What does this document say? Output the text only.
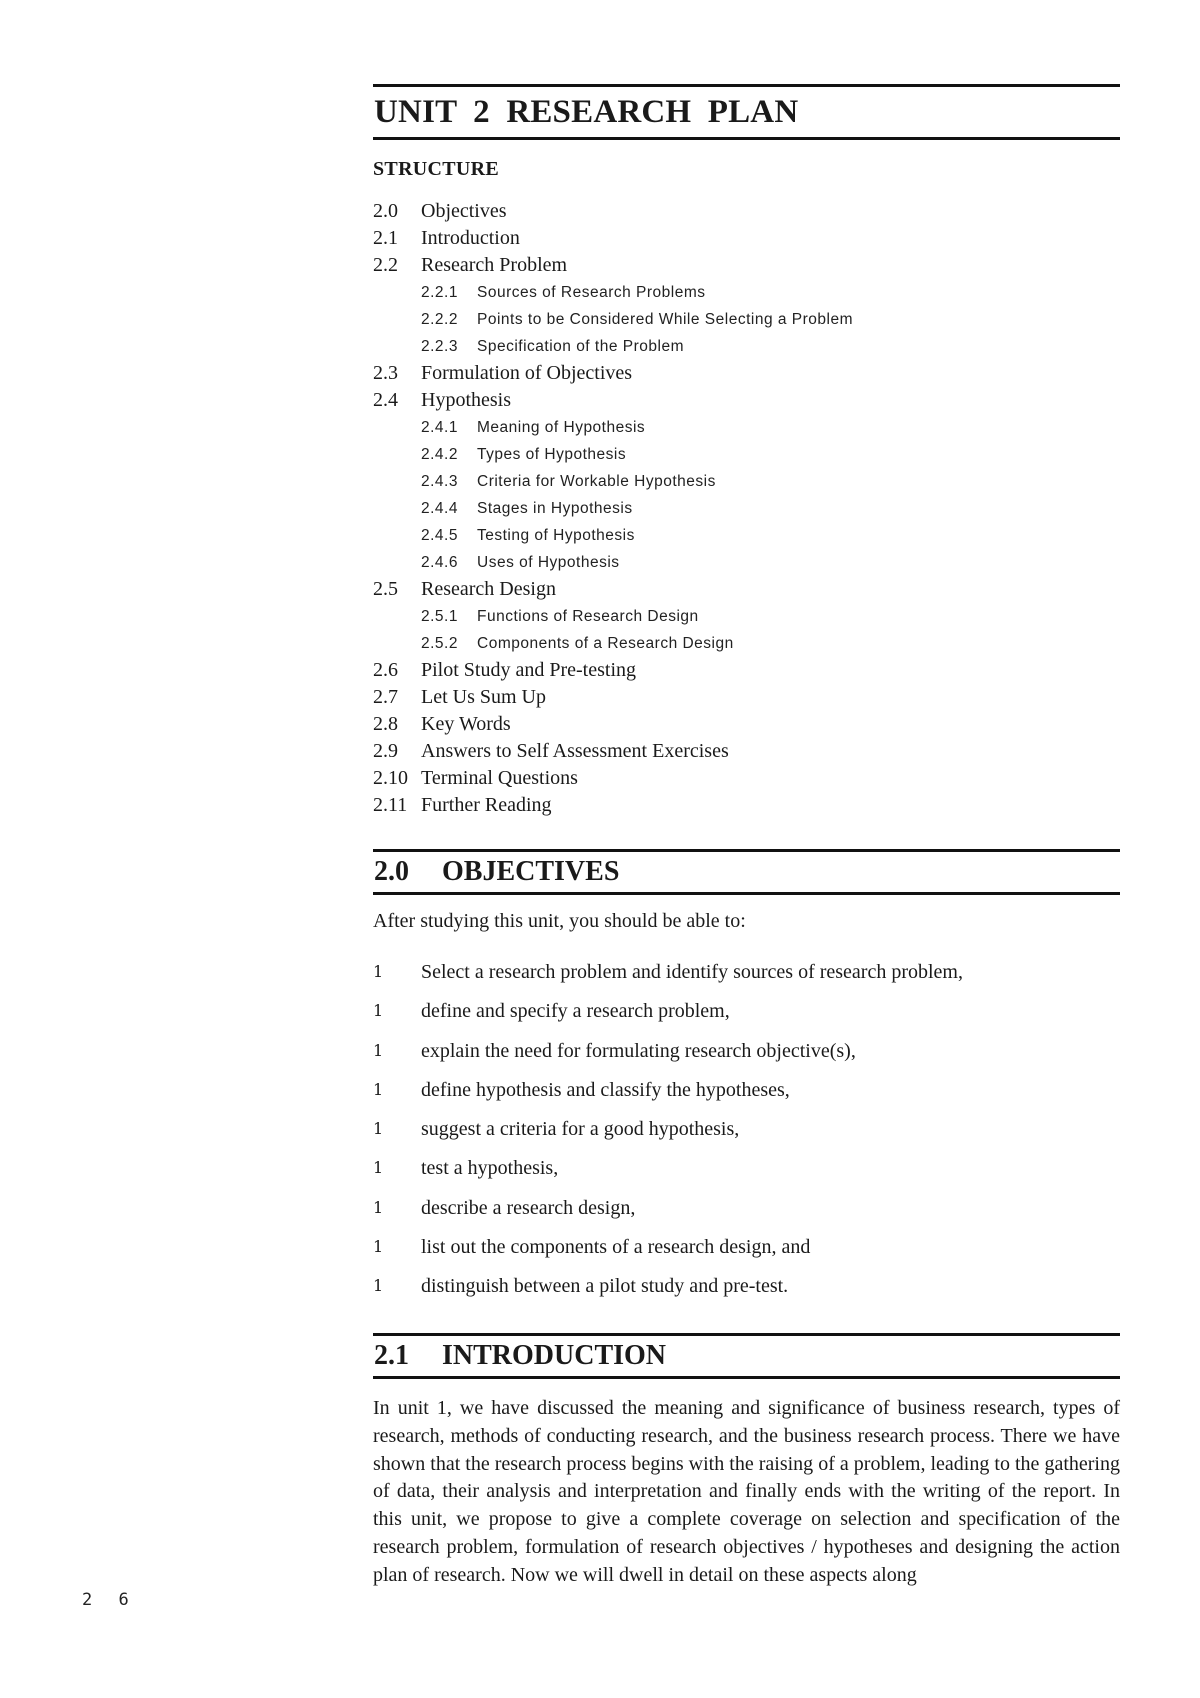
2 6
UNIT 2 RESEARCH PLAN
STRUCTURE
2.0 Objectives
2.1 Introduction
2.2 Research Problem
2.2.1 Sources of Research Problems
2.2.2 Points to be Considered While Selecting a Problem
2.2.3 Specification of the Problem
2.3 Formulation of Objectives
2.4 Hypothesis
2.4.1 Meaning of Hypothesis
2.4.2 Types of Hypothesis
2.4.3 Criteria for Workable Hypothesis
2.4.4 Stages in Hypothesis
2.4.5 Testing of Hypothesis
2.4.6 Uses of Hypothesis
2.5 Research Design
2.5.1 Functions of Research Design
2.5.2 Components of a Research Design
2.6 Pilot Study and Pre-testing
2.7 Let Us Sum Up
2.8 Key Words
2.9 Answers to Self Assessment Exercises
2.10 Terminal Questions
2.11 Further Reading
2.0 OBJECTIVES
After studying this unit, you should be able to:
1 Select a research problem and identify sources of research problem,
1 define and specify a research problem,
1 explain the need for formulating research objective(s),
1 define hypothesis and classify the hypotheses,
1 suggest a criteria for a good hypothesis,
1 test a hypothesis,
1 describe a research design,
1 list out the components of a research design, and
1 distinguish between a pilot study and pre-test.
2.1 INTRODUCTION

In unit 1, we have discussed the meaning and significance of business research, types of research, methods of conducting research, and the business research process. There we have shown that the research process begins with the raising of a problem, leading to the gathering of data, their analysis and interpretation and finally ends with the writing of the report. In this unit, we propose to give a complete coverage on selection and specification of the research problem, formulation of research objectives / hypotheses and designing the action plan of research. Now we will dwell in detail on these aspects along
